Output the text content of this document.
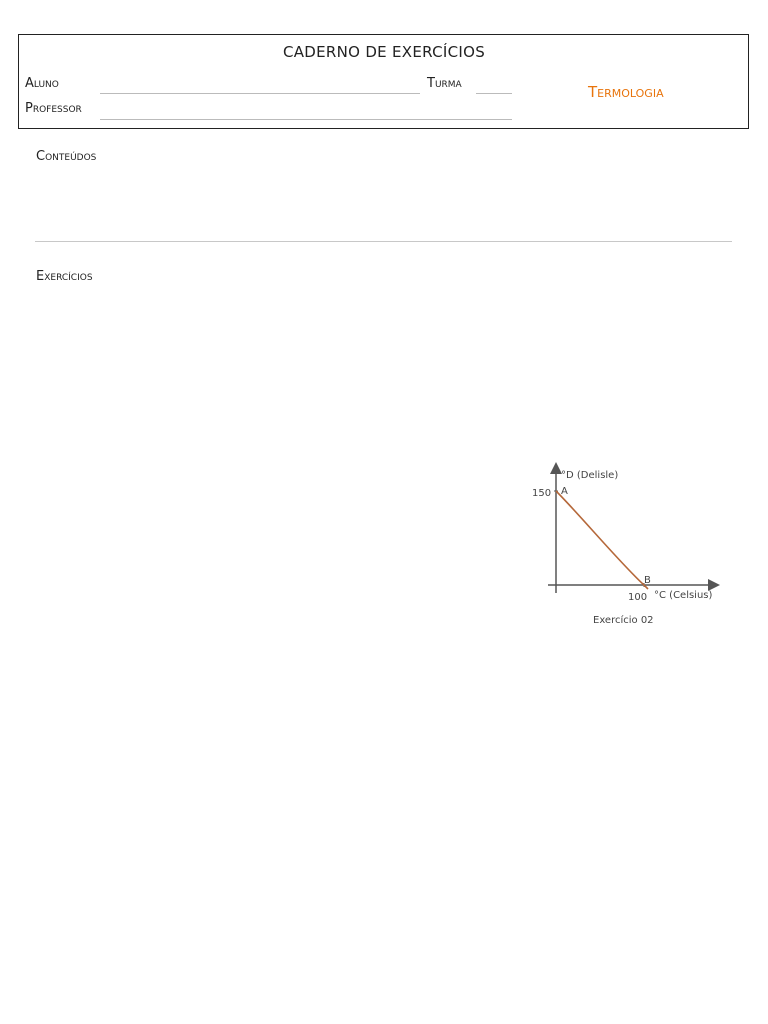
CADERNO DE EXERCÍCIOS
Aluno	Turma
Professor
Termologia
Conteúdos
Exercícios
°D (Delisle)
150 A
B
100 °C (Celsius)
Exercício 02
